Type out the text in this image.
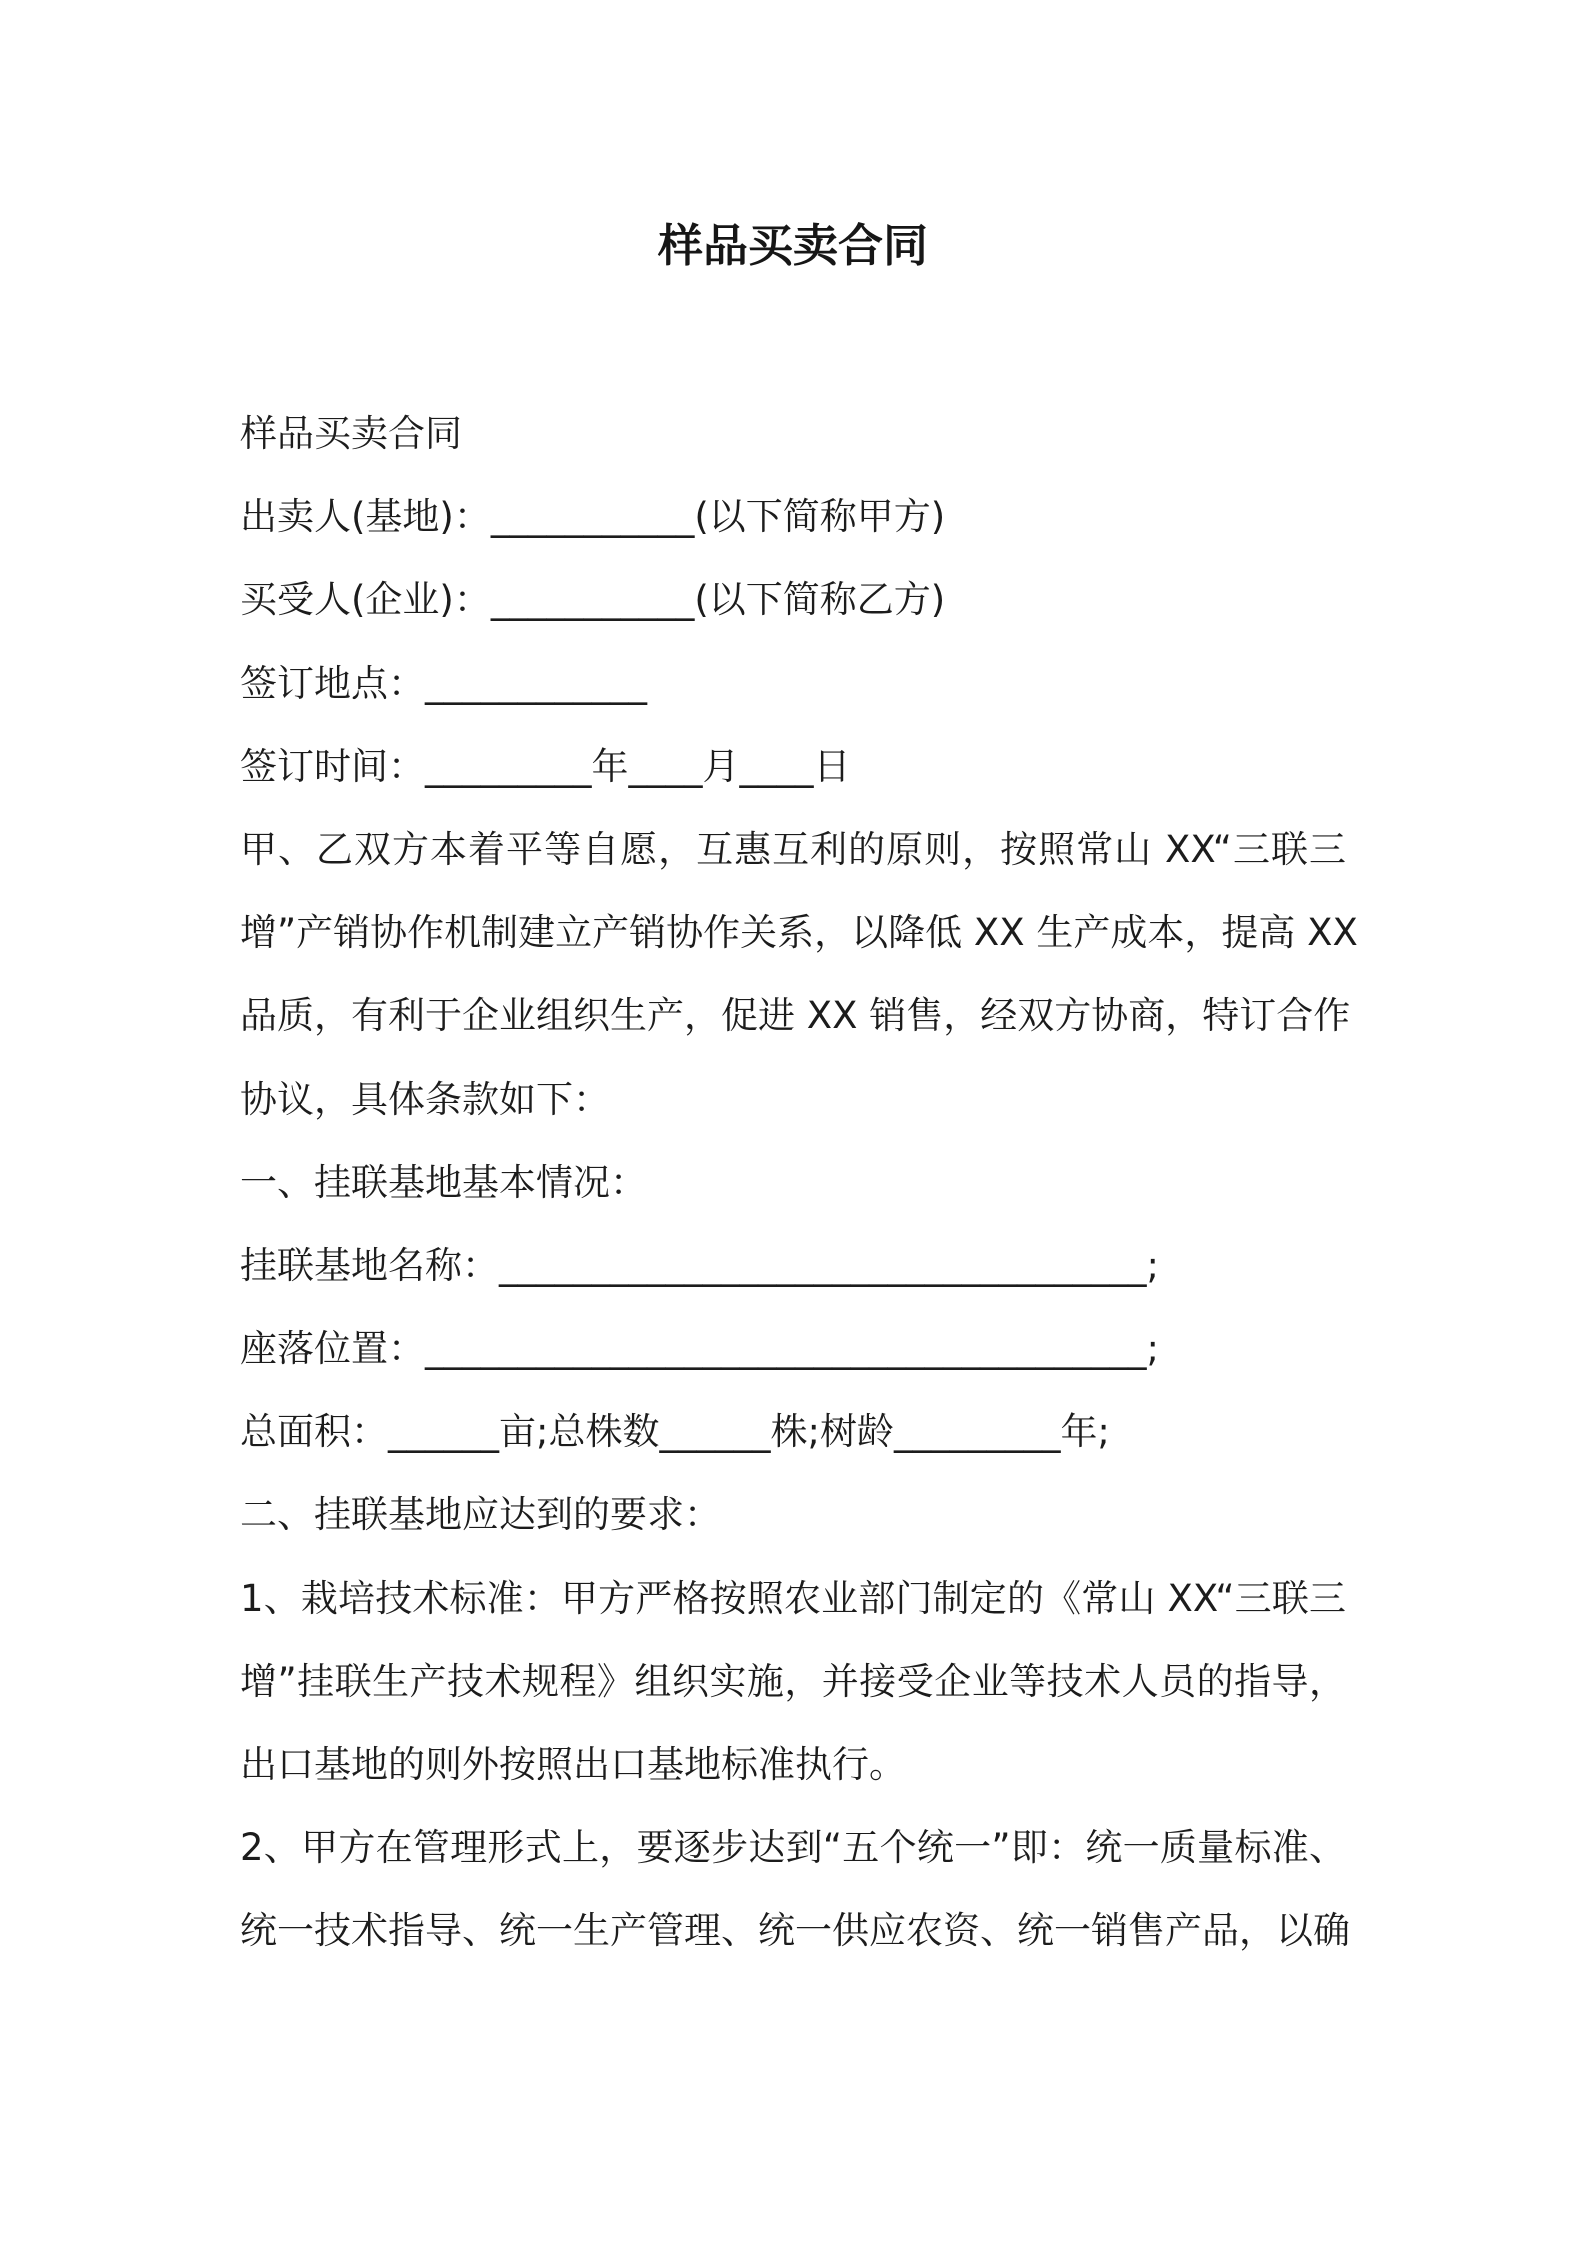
样品买卖合同
样品买卖合同
出卖人(基地)：___________(以下简称甲方)
买受人(企业)：___________(以下简称乙方)
签订地点：____________
签订时间：_________年____月____日
甲、乙双方本着平等自愿，互惠互利的原则，按照常山 XX“三联三
增”产销协作机制建立产销协作关系，以降低 XX 生产成本，提高 XX
品质，有利于企业组织生产，促进 XX 销售，经双方协商，特订合作
协议，具体条款如下：
一、挂联基地基本情况：
挂联基地名称：___________________________________;
座落位置：_______________________________________;
总面积：______亩;总株数______株;树龄_________年;
二、挂联基地应达到的要求：
1、栽培技术标准：甲方严格按照农业部门制定的《常山 XX“三联三
增”挂联生产技术规程》组织实施，并接受企业等技术人员的指导，
出口基地的则外按照出口基地标准执行。
2、甲方在管理形式上，要逐步达到“五个统一”即：统一质量标准、
统一技术指导、统一生产管理、统一供应农资、统一销售产品，以确
